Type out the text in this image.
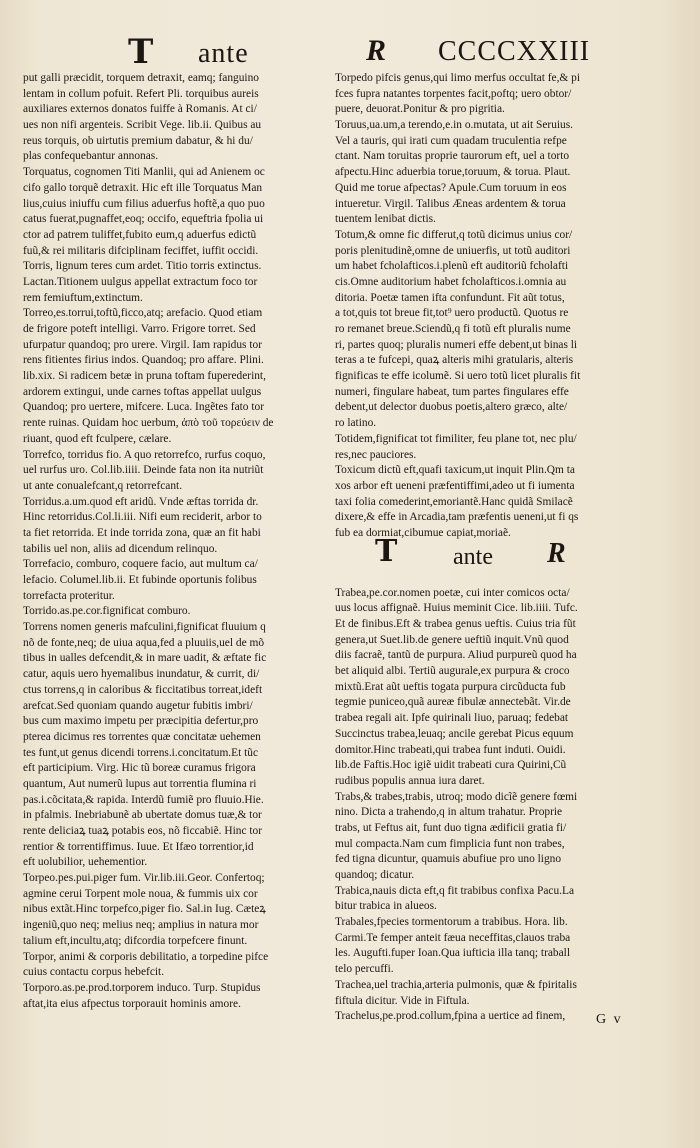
T ante	R CCCCXXIII
put galli præcidit, torquem detraxit, eamq; fanguino
lentam in collum pofuit. Refert Pli. torquibus aureis
auxiliares externos donatos fuiffe à Romanis. At ci/
ues non nifi argenteis. Scribit Vege. lib.ii. Quibus au
reus torquis, ob uirtutis premium dabatur, & hi du/
plas confequebantur annonas.
Torquatus, cognomen Titi Manlii, qui ad Anienem oc
cifo gallo torquẽ detraxit. Hic eft ille Torquatus Man
lius,cuius iniuffu cum filius aduerfus hoftẽ,a quo puo
catus fuerat,pugnaffet,eoq; occifo, equeftria fpolia ui
ctor ad patrem tuliffet,fubito eum,q aduerfus edictũ
fuũ,& rei militaris difciplinam feciffet, iuffit occidi.
Torris, lignum teres cum ardet. Titio torris extinctus.
Lactan.Titionem uulgus appellat extractum foco tor
rem femiuftum,extinctum.
Torreo,es.torrui,toftũ,ficco,atq; arefacio. Quod etiam
de frigore poteft intelligi. Varro. Frigore torret. Sed
ufurpatur quandoq; pro urere. Virgil. Iam rapidus tor
rens fitientes firius indos. Quandoq; pro affare. Plini.
lib.xix. Si radicem betæ in pruna toftam fuperederint,
ardorem extingui, unde carnes toftas appellat uulgus
Quandoq; pro uertere, mifcere. Luca. Ingẽtes fato tor
rente ruinas. Quidam hoc uerbum, ἀπὸ τοῦ τορεύειν de
riuant, quod eft fculpere, cælare.
Torrefco, torridus fio. A quo retorrefco, rurfus coquo,
uel rurfus uro. Col.lib.iiii. Deinde fata non ita nutriũt
ut ante conualefcant,q retorrefcant.
Torridus.a.um.quod eft aridũ. Vnde æftas torrida dr.
Hinc retorridus.Col.li.iii. Nifi eum reciderit, arbor to
ta fiet retorrida. Et inde torrida zona, quæ an fit habi
tabilis uel non, aliis ad dicendum relinquo.
Torrefacio, comburo, coquere facio, aut multum ca/
lefacio. Columel.lib.ii. Et fubinde oportunis folibus
torrefacta proteritur.
Torrido.as.pe.cor.fignificat comburo.
Torrens nomen generis mafculini,fignificat fluuium q
nõ de fonte,neq; de uiua aqua,fed a pluuiis,uel de mõ
tibus in ualles defcendit,& in mare uadit, & æftate fic
catur, aquis uero hyemalibus inundatur, & currit, di/
ctus torrens,q in caloribus & ficcitatibus torreat,ideft
arefcat.Sed quoniam quando augetur fubitis imbri/
bus cum maximo impetu per præcipitia defertur,pro
pterea dicimus res torrentes quæ concitatæ uehemen
tes funt,ut genus dicendi torrens.i.concitatum.Et tũc
eft participium. Virg. Hic tũ boreæ curamus frigora
quantum, Aut numerũ lupus aut torrentia flumina ri
pas.i.cõcitata,& rapida. Interdũ fumiẽ pro fluuio.Hie.
in pfalmis. Inebriabunẽ ab ubertate domus tuæ,& tor
rente deliciaꝝ tuaꝝ potabis eos, nõ ficcabiẽ. Hinc tor
rentior & torrentiffimus. Iuue. Et Ifæo torrentior,id
eft uolubilior, uehementior.
Torpeo.pes.pui.piger fum. Vir.lib.iii.Geor. Confertoq;
agmine cerui Torpent mole noua, & fummis uix cor
nibus extãt.Hinc torpefco,piger fio. Sal.in Iug. Cæteꝝ
ingeniũ,quo neq; melius neq; amplius in natura mor
talium eft,incultu,atq; difcordia torpefcere finunt.
Torpor, animi & corporis debilitatio, a torpedine pifce
cuius contactu corpus hebefcit.
Torporo.as.pe.prod.torporem induco. Turp. Stupidus
aftat,ita eius afpectus torporauit hominis amore.
Torpedo pifcis genus,qui limo merfus occultat fe,& pi
fces fupra natantes torpentes facit,poftq; uero obtor/
puere, deuorat.Ponitur & pro pigritia.
Toruus,ua.um,a terendo,e.in o.mutata, ut ait Seruius.
Vel a tauris, qui irati cum quadam truculentia refpe
ctant. Nam toruitas proprie taurorum eft, uel a torto
afpectu.Hinc aduerbia torue,toruum, & torua. Plaut.
Quid me torue afpectas? Apule.Cum toruum in eos
intueretur. Virgil. Talibus Æneas ardentem & torua
tuentem lenibat dictis.
Totum,& omne fic differut,q totũ dicimus unius cor/
poris plenitudinẽ,omne de uniuerfis, ut totũ auditori
um habet fcholafticos.i.plenũ eft auditoriũ fcholafti
cis.Omne auditorium habet fcholafticos.i.omnia au
ditoria. Poetæ tamen ifta confundunt. Fit aũt totus,
a tot,quis tot breue fit,tot⁹ uero productũ. Quotus re
ro remanet breue.Sciendũ,q fi totũ eft pluralis nume
ri, partes quoq; pluralis numeri effe debent,ut binas li
teras a te fufcepi, quaꝝ alteris mihi gratularis, alteris
fignificas te effe icolumẽ. Si uero totũ licet pluralis fit
numeri, fingulare habeat, tum partes fingulares effe
debent,ut delector duobus poetis,altero græco, alte/
ro latino.
Totidem,fignificat tot fimiliter, feu plane tot, nec plu/
res,nec pauciores.
Toxicum dictũ eft,quafi taxicum,ut inquit Plin.Qm ta
xos arbor eft ueneni præfentiffimi,adeo ut fi iumenta
taxi folia comederint,emoriantẽ.Hanc quidã Smilacẽ
dixere,& effe in Arcadia,tam præfentis ueneni,ut fi qs
fub ea dormiat,cibumue capiat,moriaẽ.
T ante R
Trabea,pe.cor.nomen poetæ, cui inter comicos octa/
uus locus affignaẽ. Huius meminit Cice. lib.iiii. Tufc.
Et de finibus.Eft & trabea genus ueftis. Cuius tria fũt
genera,ut Suet.lib.de genere ueftiũ inquit.Vnũ quod
diis facraẽ, tantũ de purpura. Aliud purpureũ quod ha
bet aliquid albi. Tertiũ augurale,ex purpura & croco
mixtũ.Erat aũt ueftis togata purpura circũducta fub
tegmie puniceo,quã aureæ fibulæ annectebãt. Vir.de
trabea regali ait. Ipfe quirinali liuo, paruaq; fedebat
Succinctus trabea,leuaq; ancile gerebat Picus equum
domitor.Hinc trabeati,qui trabea funt induti. Ouidi.
lib.de Faftis.Hoc igiẽ uidit trabeati cura Quirini,Cũ
rudibus populis annua iura daret.
Trabs,& trabes,trabis, utroq; modo dicĩẽ genere fœmi
nino. Dicta a trahendo,q in altum trahatur. Proprie
trabs, ut Feftus ait, funt duo tigna ædificii gratia fi/
mul compacta.Nam cum fimplicia funt non trabes,
fed tigna dicuntur, quamuis abufiue pro uno ligno
quandoq; dicatur.
Trabica,nauis dicta eft,q fit trabibus confixa Pacu.La
bitur trabica in alueos.
Trabales,fpecies tormentorum a trabibus. Hora. lib.
Carmi.Te femper anteit fæua neceffitas,clauos traba
les. Augufti.fuper Ioan.Qua iufticia illa tanq; traball
telo percuffi.
Trachea,uel trachia,arteria pulmonis, quæ & fpiritalis
fiftula dicitur. Vide in Fiftula.
Trachelus,pe.prod.collum,fpina a uertice ad finem,	G v
